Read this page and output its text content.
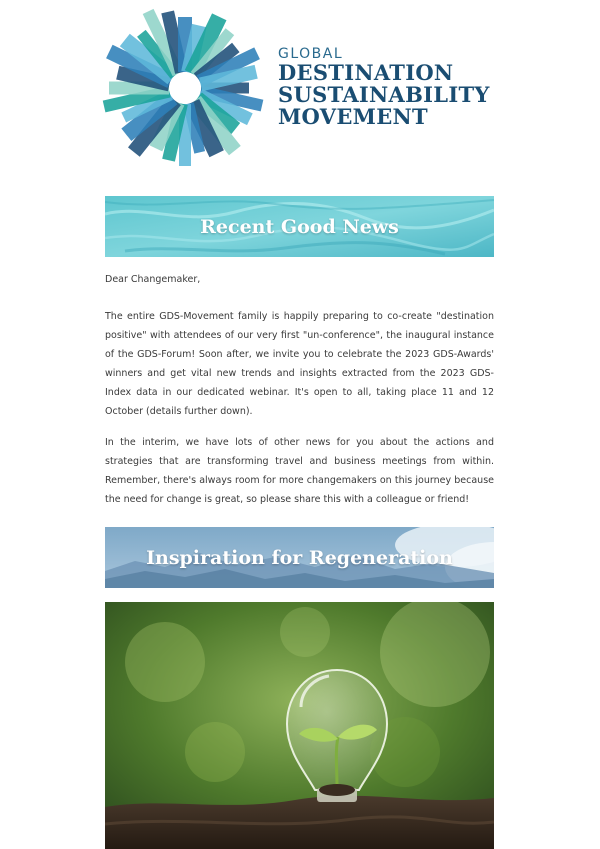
GLOBAL
DESTINATION
SUSTAINABILITY
MOVEMENT
Recent Good News
Dear Changemaker,
The entire GDS-Movement family is happily preparing to co-create "destination positive" with attendees of our very first "un-conference", the inaugural instance of the GDS-Forum! Soon after, we invite you to celebrate the 2023 GDS-Awards' winners and get vital new trends and insights extracted from the 2023 GDS-Index data in our dedicated webinar. It's open to all, taking place 11 and 12 October (details further down).
In the interim, we have lots of other news for you about the actions and strategies that are transforming travel and business meetings from within. Remember, there's always room for more changemakers on this journey because the need for change is great, so please share this with a colleague or friend!
Inspiration for Regeneration
